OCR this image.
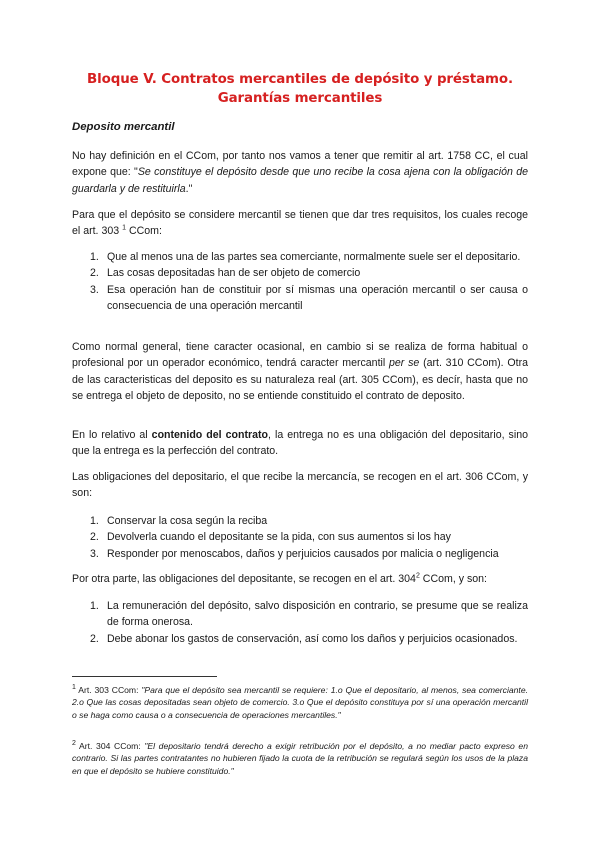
Bloque V. Contratos mercantiles de depósito y préstamo. Garantías mercantiles
Deposito mercantil
No hay definición en el CCom, por tanto nos vamos a tener que remitir al art. 1758 CC, el cual expone que: "Se constituye el depósito desde que uno recibe la cosa ajena con la obligación de guardarla y de restituirla."
Para que el depósito se considere mercantil se tienen que dar tres requisitos, los cuales recoge el art. 303 $^1$ CCom:
1. Que al menos una de las partes sea comerciante, normalmente suele ser el depositario.
2. Las cosas depositadas han de ser objeto de comercio
3. Esa operación han de constituir por sí mismas una operación mercantil o ser causa o consecuencia de una operación mercantil
Como normal general, tiene caracter ocasional, en cambio si se realiza de forma habitual o profesional por un operador económico, tendrá caracter mercantil per se (art. 310 CCom). Otra de las caracteristicas del deposito es su naturaleza real (art. 305 CCom), es decír, hasta que no se entrega el objeto de deposito, no se entiende constituido el contrato de deposito.
En lo relativo al contenido del contrato, la entrega no es una obligación del depositario, sino que la entrega es la perfección del contrato.
Las obligaciones del depositario, el que recibe la mercancía, se recogen en el art. 306 CCom, y son:
1. Conservar la cosa según la reciba
2. Devolverla cuando el depositante se la pida, con sus aumentos si los hay
3. Responder por menoscabos, daños y perjuicios causados por malicia o negligencia
Por otra parte, las obligaciones del depositante, se recogen en el art. $304^2$ CCom, y son:
1. La remuneración del depósito, salvo disposición en contrario, se presume que se realiza de forma onerosa.
2. Debe abonar los gastos de conservación, así como los daños y perjuicios ocasionados.
$^1$ Art. 303 CCom: "Para que el depósito sea mercantil se requiere: 1.o Que el depositario, al menos, sea comerciante. 2.o Que las cosas depositadas sean objeto de comercio. 3.o Que el depósito constituya por sí una operación mercantil o se haga como causa o a consecuencia de operaciones mercantiles."
$^2$ Art. 304 CCom: "El depositario tendrá derecho a exigir retribución por el depósito, a no mediar pacto expreso en contrario. Si las partes contratantes no hubieren fijado la cuota de la retribución se regulará según los usos de la plaza en que el depósito se hubiere constituido."
